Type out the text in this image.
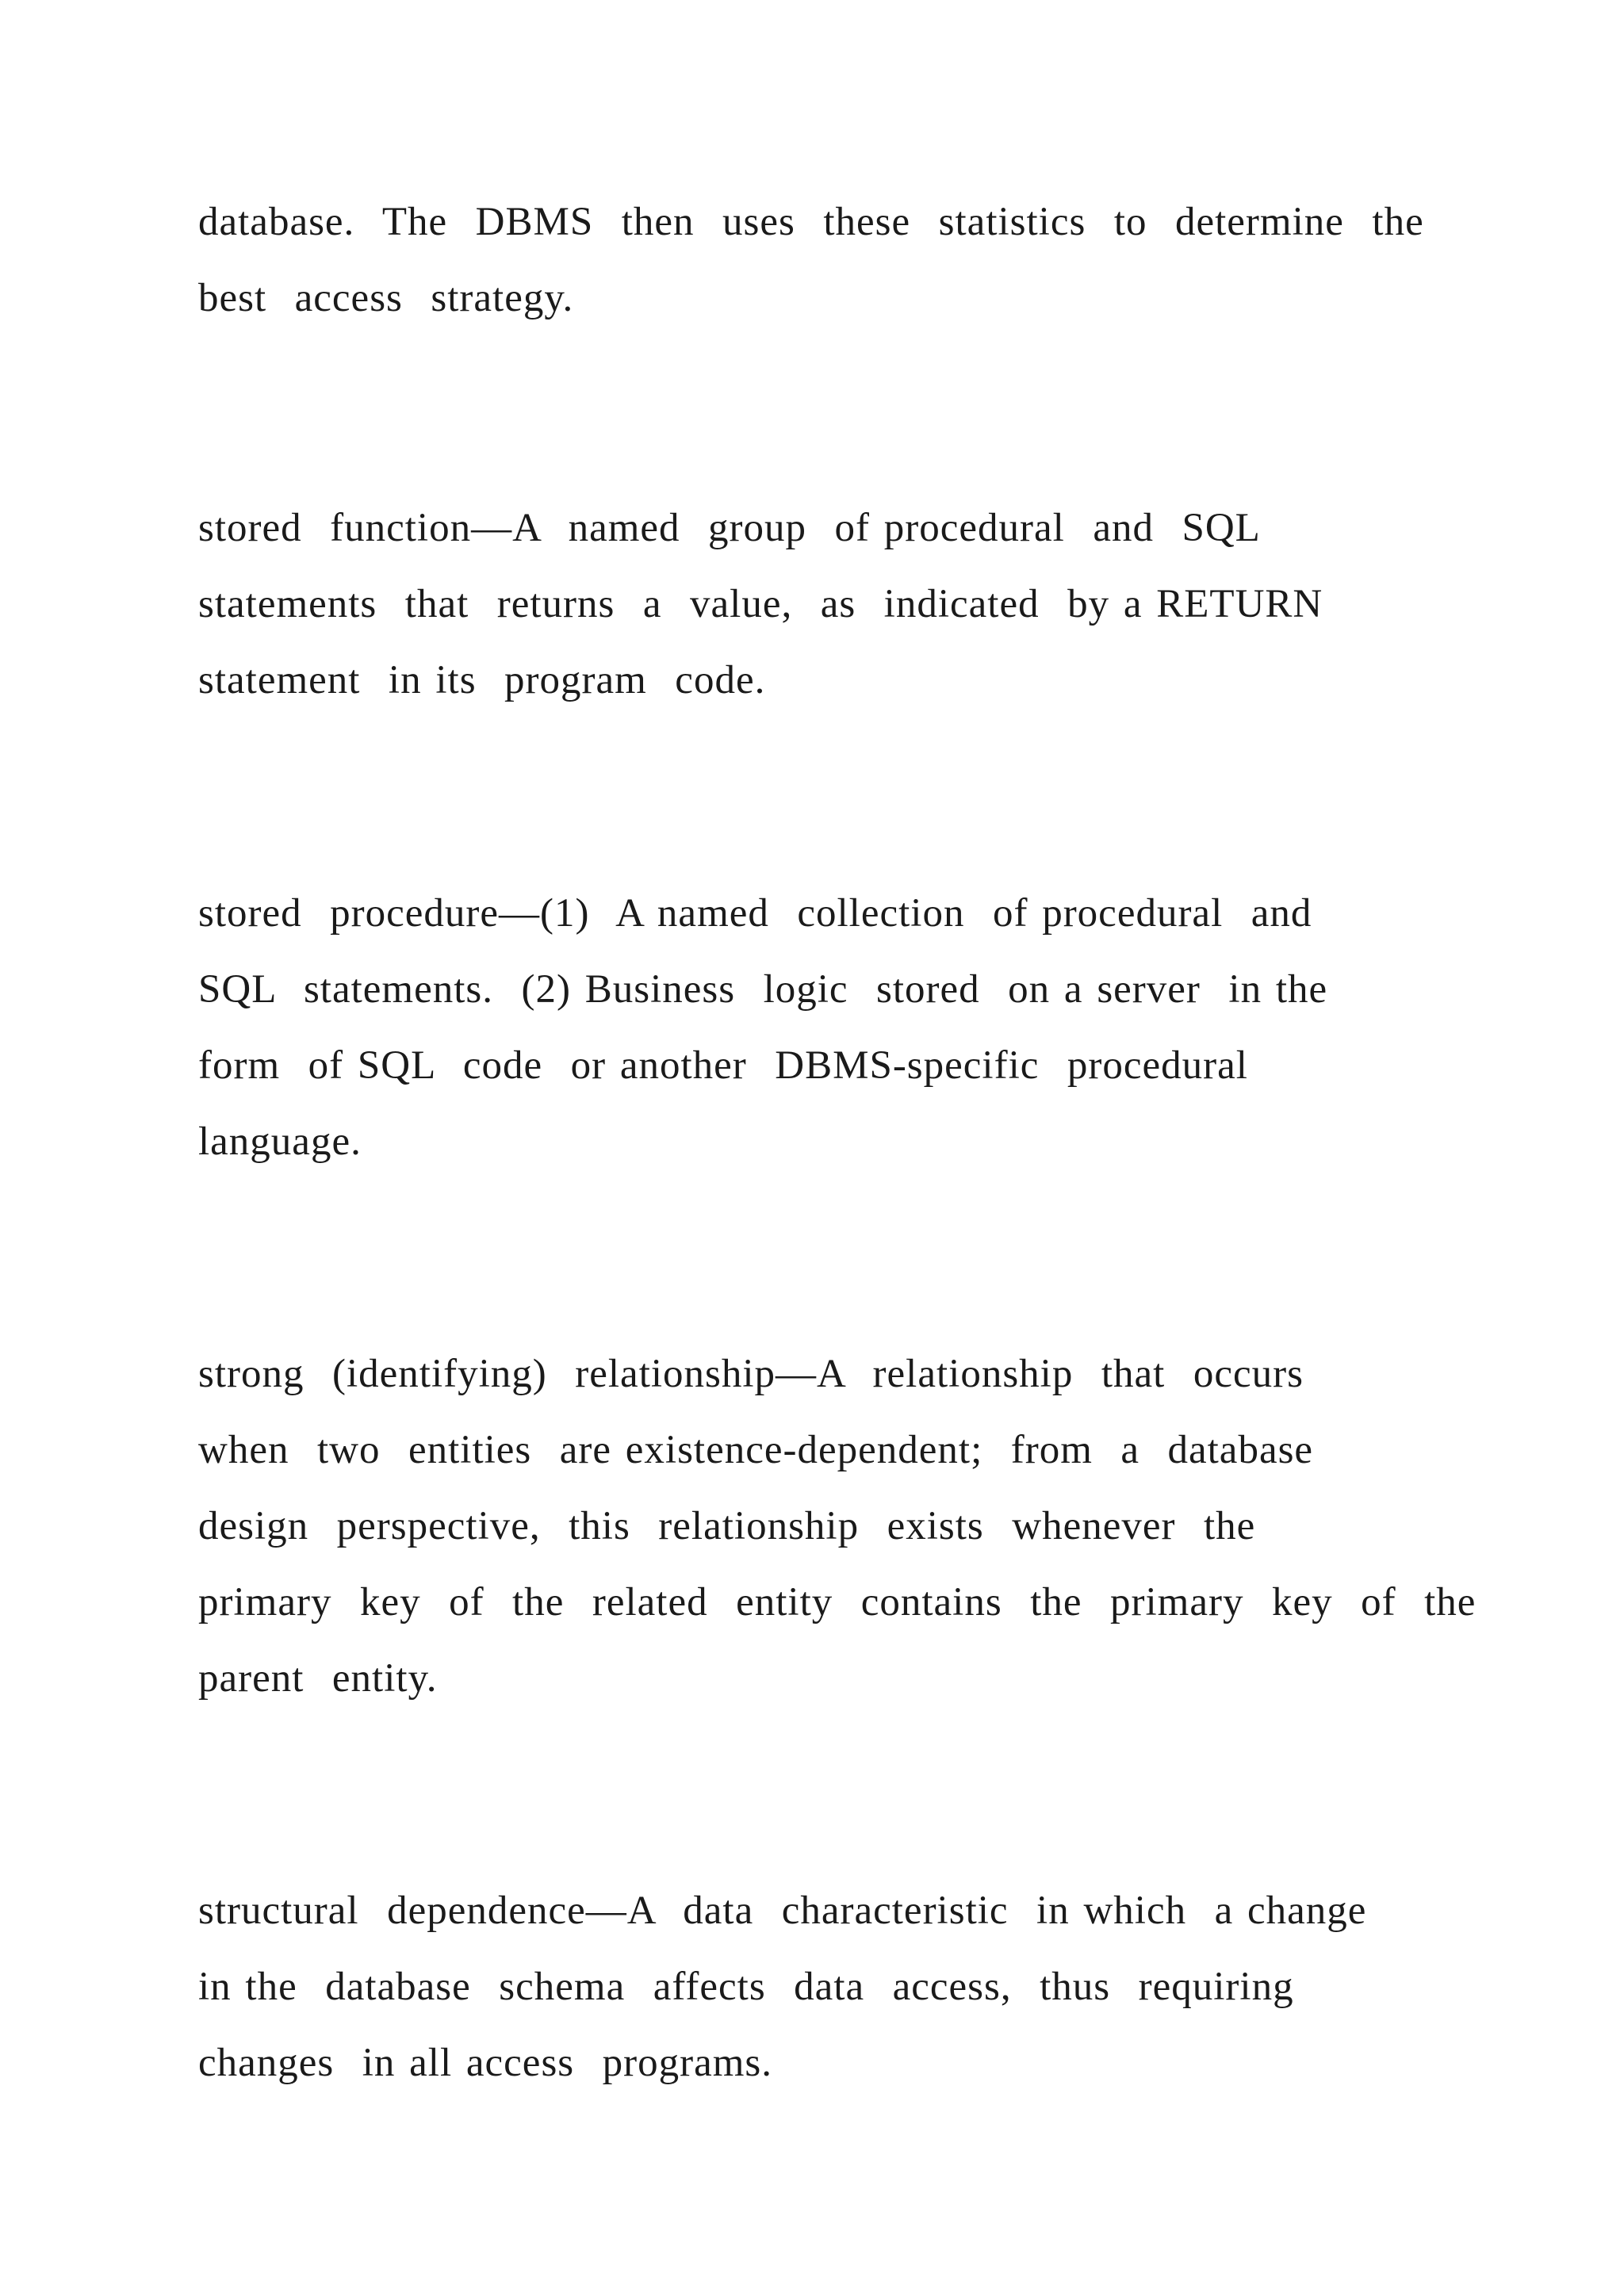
database.  The  DBMS  then  uses  these  statistics  to  determine  the

best  access  strategy.

stored  function—A  named  group  of procedural  and  SQL

statements  that  returns  a  value,  as  indicated  by a RETURN

statement  in its  program  code.

stored  procedure—(1)  A named  collection  of procedural  and

SQL  statements.  (2) Business  logic  stored  on a server  in the

form  of SQL  code  or another  DBMS-specific  procedural

language.

strong  (identifying)  relationship—A  relationship  that  occurs

when  two  entities  are existence-dependent;  from  a  database

design  perspective,  this  relationship  exists  whenever  the

primary  key  of  the  related  entity  contains  the  primary  key  of  the

parent  entity.

structural  dependence—A  data  characteristic  in which  a change

in the  database  schema  affects  data  access,  thus  requiring

changes  in all access  programs.
